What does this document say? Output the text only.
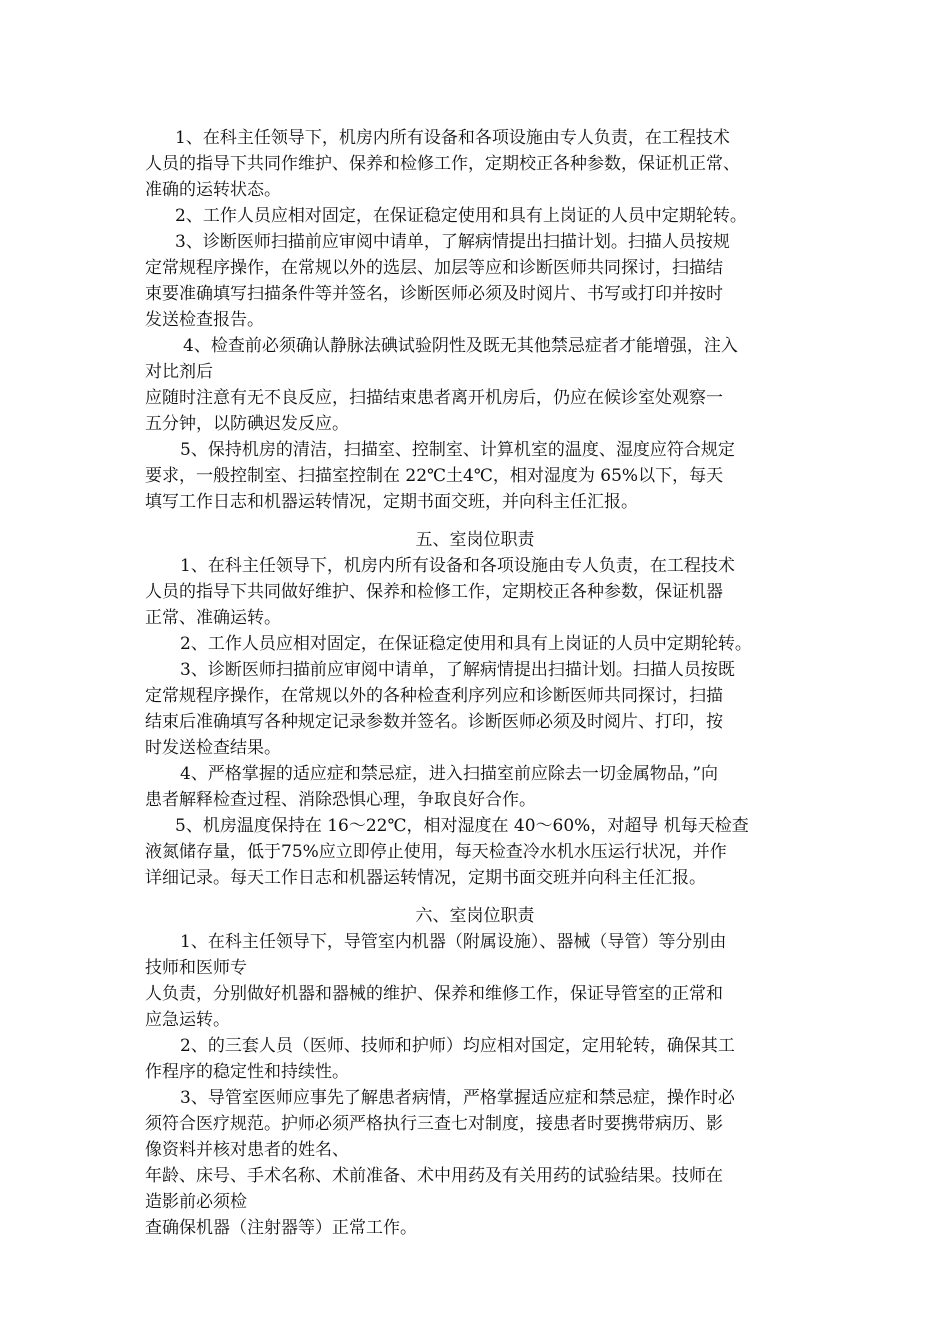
1、在科主任领导下，机房内所有设备和各项设施由专人负责，在工程技术
人员的指导下共同作维护、保养和检修工作，定期校正各种参数，保证机正常、
准确的运转状态。
2、工作人员应相对固定，在保证稳定使用和具有上岗证的人员中定期轮转。
3、诊断医师扫描前应审阅中请单，了解病情提出扫描计划。扫描人员按规
定常规程序操作，在常规以外的选层、加层等应和诊断医师共同探讨，扫描结
束要准确填写扫描条件等并签名，诊断医师必须及时阅片、书写或打印并按时
发送检查报告。
4、检查前必须确认静脉法碘试验阴性及既无其他禁忌症者才能增强，注入
对比剂后
应随时注意有无不良反应，扫描结束患者离开机房后，仍应在候诊室处观察一
五分钟，以防碘迟发反应。
5、保持机房的清洁，扫描室、控制室、计算机室的温度、湿度应符合规定
要求，一般控制室、扫描室控制在 22℃土4℃，相对湿度为 65%以下，每天
填写工作日志和机器运转情况，定期书面交班，并向科主任汇报。
五、室岗位职责
1、在科主任领导下，机房内所有设备和各项设施由专人负责，在工程技术
人员的指导下共同做好维护、保养和检修工作，定期校正各种参数，保证机器
正常、准确运转。
2、工作人员应相对固定，在保证稳定使用和具有上岗证的人员中定期轮转。
3、诊断医师扫描前应审阅中请单，了解病情提出扫描计划。扫描人员按既
定常规程序操作，在常规以外的各种检查利序列应和诊断医师共同探讨，扫描
结束后准确填写各种规定记录参数并签名。诊断医师必须及时阅片、打印，按
时发送检查结果。
4、严格掌握的适应症和禁忌症，进入扫描室前应除去一切金属物品，”向
患者解释检查过程、消除恐惧心理，争取良好合作。
5、机房温度保持在 16～22℃，相对湿度在 40～60%，对超导 机每天检查
液氮储存量，低于75%应立即停止使用，每天检查冷水机水压运行状况，并作
详细记录。每天工作日志和机器运转情况，定期书面交班并向科主任汇报。
六、室岗位职责
1、在科主任领导下，导管室内机器（附属设施）、器械（导管）等分别由
技师和医师专
人负责，分别做好机器和器械的维护、保养和维修工作，保证导管室的正常和
应急运转。
2、的三套人员（医师、技师和护师）均应相对国定，定用轮转，确保其工
作程序的稳定性和持续性。
3、导管室医师应事先了解患者病情，严格掌握适应症和禁忌症，操作时必
须符合医疗规范。护师必须严格执行三查七对制度，接患者时要携带病历、影
像资料并核对患者的姓名、
年龄、床号、手术名称、术前准备、术中用药及有关用药的试验结果。技师在
造影前必须检
查确保机器（注射器等）正常工作。
